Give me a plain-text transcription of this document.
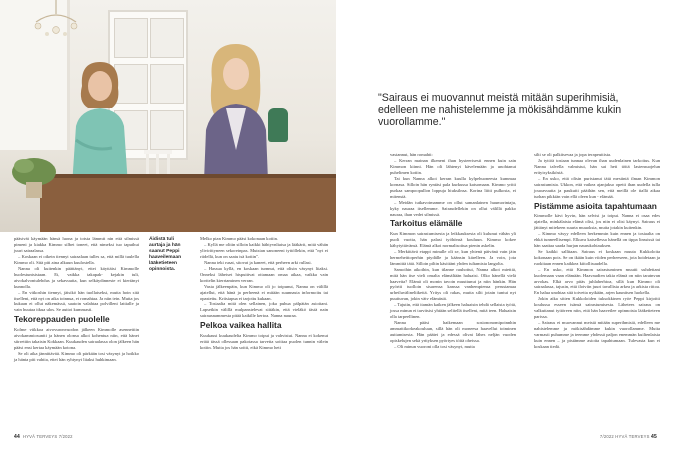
"Sairaus ei muovannut meistä mitään superihmisiä, edelleen me nahistelemme ja mökisähdämme kukin vuorollamme."
Äidistä tuli aurtaja ja hän saanut Peppi haaveilemaan lääketieteen opinnoista.

päästvät käymään hänsä luona ja totsta lämmtt nin että silmissä pimeni ja kiakka Kimmo silbet toneet, että nimeksi tuo taputhui juuri sairaalassa.

– Koskaan ei oiketn tiennyt sairaalaan tulles sa, että millä tuulella Kimmo oli. Sitä piti aina alkuun kuulostella.

Nanna oli kuitenkin päättänyt, ettei käyttäisi Kimmolle huolestuntsistaan. Ei, vaikka takapak- kejakin tuli, aivokalvontulehdus ja sekavuutta, kun selkäydinneste ei kiertänyt kunnolla.

– En vitkoshin tiennyt, jäisikö hän tuollaiseksi, mutta hoin sitä itselleni, että nyt on aika toinnua, et romahtaa. Ja niin tein. Mutta jos kukaan ei ollut näkemässä, saatoin valahtaa polvilleni lattialle ja vain huutaa itkua ulos. Se auttoi kummasti.

Tekoreppauden puolelle

Kolme viikkoa aivovuronvuodon jälkeen Kimmolle asennettiin aivokammiosuntti ja hänen olonsa alkoi kohentua niin, että hänet siirrettiin takaisin Kokkaan. Kuukauden sairaalassa olon jälkeen hän pääsi ensi kertaa käymään kotona.

Se oli aika jännittävää. Kimmo oli pärkään tosi väsynyt ja hoikko ja hänta piti vahtia, ettei hän ryhtynyt liiaksi huhkimaan.

Melko pian Kimmo pääsi kokonaan kotiin.

– Kyllä me olitin silloin kaikki hähtyvnliaisa ja lääkärit, mitä vähän ylivirittyneen sekoreinpas. Mutstan sanoneeni tyttöllekin, että "nyt ei riidellä, kun on saatu isä kotiin".

Nanna teki rusat, sitovat ja kaneet, että perheen arki rullasi.

– Hassua kyllä, en koskaan turnnut, että olisin väsynyt liiaksi. Onneksi läheiset hispuittvat ottamaan omaa aikaa, vaikka vain korttelin kierrtaminen verran.

Vasta jälkeenpäin, kun Kimmo oli jo toipunut, Nanna on välillä ajatellut, että hänä ja perheenä ei mitään suunnasta informoitu tai opastettu. Kriisiapua ei tarjottu kukaan.

– Tosiaalta mitä olen sellainen, joka puhua pälpätän asioitani. Lapsetkin välillä mulpanstelevat siitäkin, että vieläkö tästä nain sairausnammesta pitää kaikille kertoa. Nanna nauraa.

Pelkoa vaikea hallita

Kuukausi kuukaudelta Kimmo toipui ja vahvistui. Nanna ei kokenut eriää tässä ollessaan pakotassa tarvetta soittaa puolen tunnin välein kotiin. Mutta jos hän soitti, eikä Kimmo heti

vastannut, hän romahti:

– Kerran mainan ilkeneni ihan hysteerisesti ennen kuin sain Kimmon kiinni. Hän oli lähtenyt kävelemään ja unohtanut puhelimen kotiin.

Tai kun Nanna alkoi kerran kuulla kylpehuoneesta kummaa kornasa. Silloin hän ryntäsi pala kurkussa katsomaan. Kimmo yritti purkaa sampoopullon loppuja hiuksilnsa. Korina liitti pulkosta, ei mitenstä.

– Meidän tutkavoimamme on ollut samanlainen huumorintaju, kyky nauraa itsellemme. Sairaudellekin on ollut välillä pakko nauraa, ihan vedet silmissä.

Tarkoitus elämälle

Kun Kimmon sairastumisesta ja leikkauksesta oli kulunut vähän yli puoli vuotta, hän palasi työhönsä kouluun. Kimmo kokee kähytyttävänsä. Elämä alkoi normalisoitua pienin askelin.

– Merkittävä etappi minulle oli se, kun yhtenä päivänä vain jäin hermeheittoperhin ptydälle ja käänsin kärelleen. Ja voin, jota lämmittä tätä. Silloin piltin käsittänt yhden tultamista langolta.

Samoihin aikoihin, kun ttlanne rauhottui, Nanna alkoi miettiä, mitä hän itse vieli omalta elämältään haluaisi. Olko hänellä vielä haaveita? Elämä oli monin tavoin muuttunut ja niin hänkin. Hän pyörtti tuolloin sisarensa kanssa vanhempiensa perustamaa urheiluvälineliikettä. Yritys oli rakas, mutta silti jotain tuntui nyt puuttuvan, jokin vätv elämästä.

– Tajutin, että itamän kaiken jälkeen haluaisin tehdä sellaista työtä, jossa minun ei tarvitsisi yhtään selitellä itselleni, mitä teen. Haluaisin olla tarpeellinen.

Nanna pääsi haikemaan sosiononomipoinnhin ammattikorkeakouluun, sillä hän oli moneesa haavellut toiminen auttamisesta. Hän päätei ja edessä olivat lähes neljän vuoden opiskelujen sekä yrityksen pyörtyes töitä oheissa.

– Oli minun vuoroni olla tosi väsynyt, mutta

silti se oli palkitsevaa ja jopa terapeuttista.

Ja tyttöä tosiaan tunnaa olevan ihan uudenlainen tarkoitus. Kun Nanna talvella valmistui, hän sai heti töitä lastensuojelun erityisyksiköstä.

– En usko, että olisin puristanut tätä mestintä ilman Kimmon sairastumista. Ukkon, että vaikea ajanjakso opetti ihan uudella tulla jouoavuutta ja paukutti pääihän sen, että meillä ole tiallä aikaa turhan pikkiän vain ellä oleen kun - elämää.

Pistämme asioita tapahtumaan

Kimmolle kävi hyvin, hän selvisi ja toipui. Nanna ei osaa edes ajatella, minkälaista elämä olisi, jos niin ei olisi käynyt. Sairaus ei jättänyt mitekeen suurta muuoksia, mutta jotakin kuitenkin.

– Kimmo väsyy edelleen herkemmin kuin ennen ja tosiaalta on ehkä tunneellisempi. Elkuva katsellessa hänellä on tippa linssissä tai hän saattaa saada hurjan naurukohtauksen.

Se kaikki sallitaan. Sairaus ei koskaan muuta Kukkoloita kokonaan pois. Se on ikään kuin viiden perheeseen, jota hoidetaan ja ruokitaan ennen kaikkea kiitollisuudella.

– En usko, että Kimmon sairastuminen muutti suhdettani kuolemaan vaan elämään. Haavaudien takia elämä on niin taratnvan arvokas. Elkä arvo pitäs juhlaherhtoa, sillä kun Kimmo oli sairaalassa, tajusin, että iloiviin juuri tavallista arkea ja arkista rittoa. En halua unohtaa sitä toivetta nytkään, arjen kaunitsen luokella.

Jokin aika sitten Kukkoloiden tuksokkinen ryöe Peppi kirjoitti koulussa esseen isänsä sairastumisesta. Lähetees sairaus on valkuttanut tyttöreen niin, että hän haaveilee opinnoista lääketieteen parissa.

– Sairaus ei muovannut meistä mitään superihmisiä, edelleen me nahistelemme ja mökisähdämme kukin vuorollamme. Mutta varmasti puhumme ja teemme yhdessä paljon enemmän kuiltenlaisia kuin ennen – ja pistämme asioita tapahtumaan. Tulevasta kun ei koskaan tiedä.

44 HYVÄ TERVEYS 7/2022	7/2022 HYVÄ TERVEYS 45
